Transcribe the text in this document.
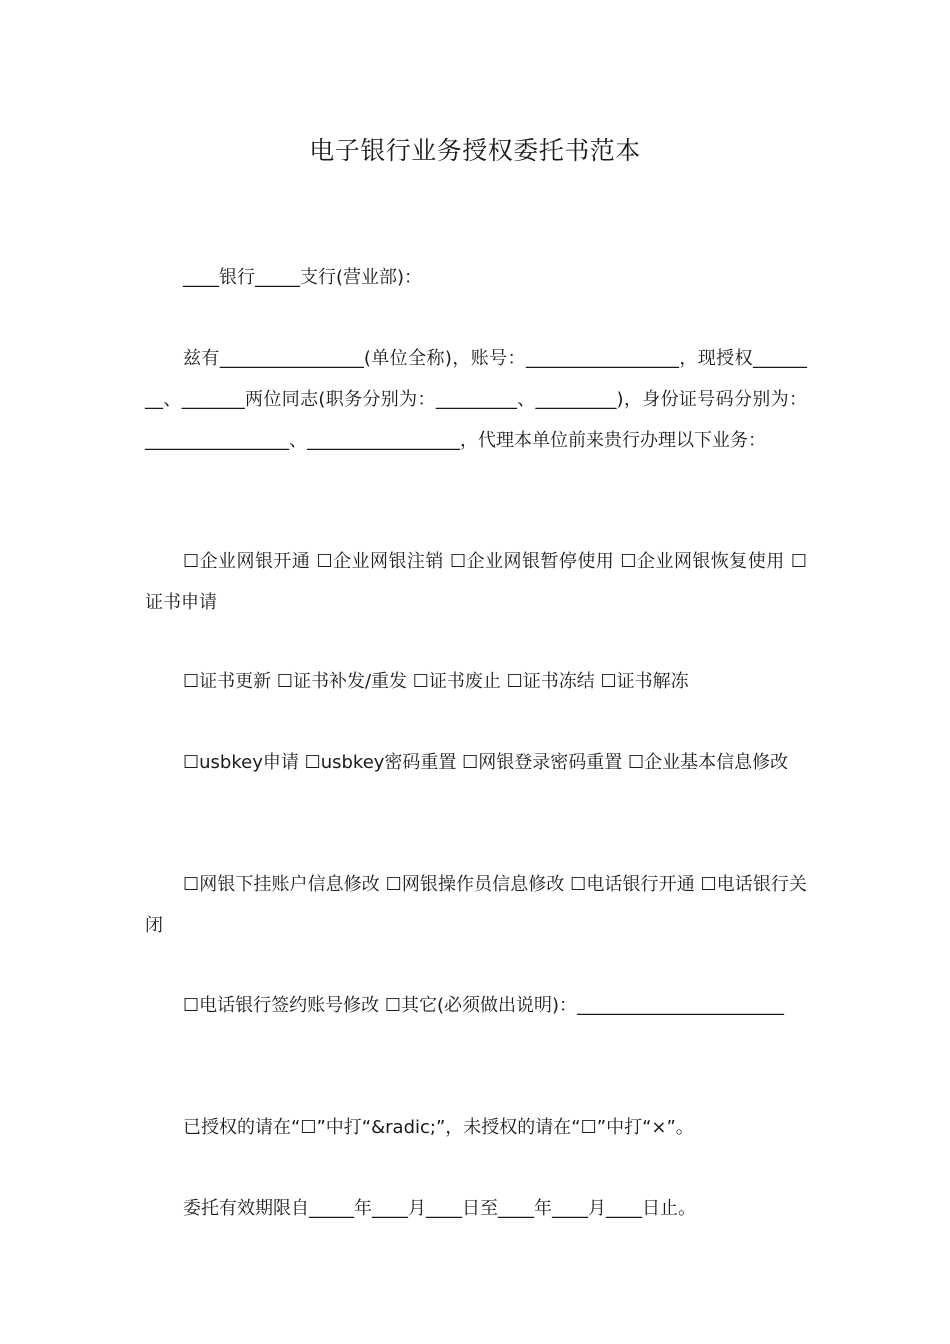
电子银行业务授权委托书范本
____银行_____支行(营业部)：
兹有________________(单位全称)，账号：_________________，现授权________、_______两位同志(职务分别为：_________、_________)，身份证号码分别为：________________、_________________，代理本单位前来贵行办理以下业务：
☐企业网银开通 ☐企业网银注销 ☐企业网银暂停使用 ☐企业网银恢复使用 ☐证书申请
☐证书更新 ☐证书补发/重发 ☐证书废止 ☐证书冻结 ☐证书解冻
☐usbkey申请 ☐usbkey密码重置 ☐网银登录密码重置 ☐企业基本信息修改
☐网银下挂账户信息修改 ☐网银操作员信息修改 ☐电话银行开通 ☐电话银行关闭
☐电话银行签约账号修改 ☐其它(必须做出说明)：_______________________
已授权的请在“☐”中打“&radic;”，未授权的请在“☐”中打“×”。
委托有效期限自_____年____月____日至____年____月____日止。
